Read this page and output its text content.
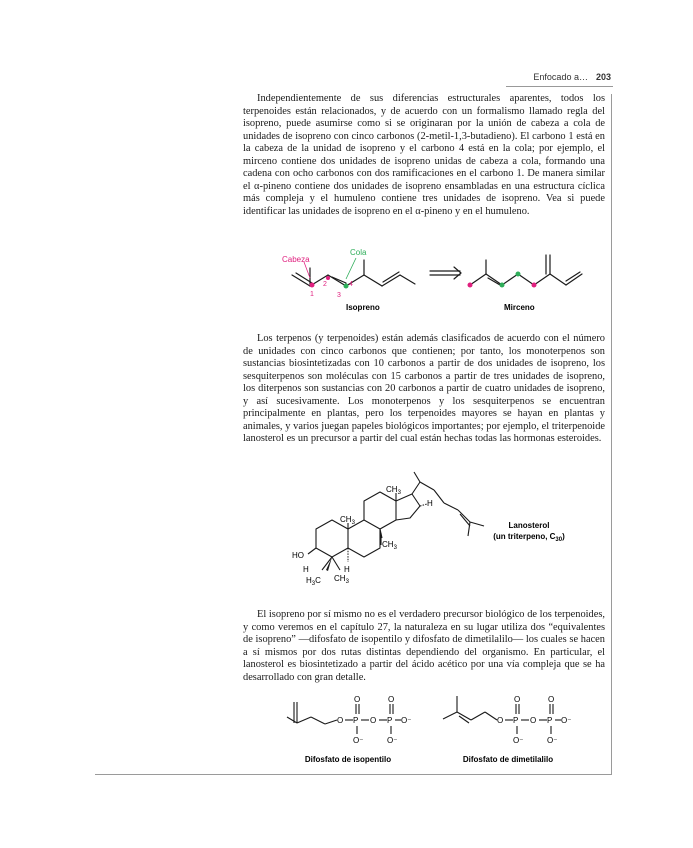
Enfocado a… 203

Independientemente de sus diferencias estructurales aparentes, todos los terpenoides están relacionados, y de acuerdo con un formalismo llamado regla del isopreno, puede asumirse como si se originaran por la unión de cabeza a cola de unidades de isopreno con cinco carbonos (2-metil-1,3-butadieno). El carbono 1 está en la cabeza de la unidad de isopreno y el carbono 4 está en la cola; por ejemplo, el mirceno contiene dos unidades de isopreno unidas de cabeza a cola, formando una cadena con ocho carbonos con dos ramificaciones en el carbono 1. De manera similar el α-pineno contiene dos unidades de isopreno ensambladas en una estructura cíclica más compleja y el humuleno contiene tres unidades de isopreno. Vea si puede identificar las unidades de isopreno en el α-pineno y en el humuleno.

Cabeza
Cola
1
2
3
4
Isopreno	Mirceno

Los terpenos (y terpenoides) están además clasificados de acuerdo con el número de unidades con cinco carbonos que contienen; por tanto, los monoterpenos son sustancias biosintetizadas con 10 carbonos a partir de dos unidades de isopreno, los sesquiterpenos son moléculas con 15 carbonos a partir de tres unidades de isopreno, los diterpenos son sustancias con 20 carbonos a partir de cuatro unidades de isopreno, y así sucesivamente. Los monoterpenos y los sesquiterpenos se encuentran principalmente en plantas, pero los terpenoides mayores se hayan en plantas y animales, y varios juegan papeles biológicos importantes; por ejemplo, el triterpenoide lanosterol es un precursor a partir del cual están hechas todas las hormonas esteroides.

HO
H	H
H
$H_3C$ $CH_3$
$CH_3$
$CH_3$
$CH_3$
Lanosterol
(un triterpeno, $C_{30}$)

El isopreno por sí mismo no es el verdadero precursor biológico de los terpenoides, y como veremos en el capítulo 27, la naturaleza en su lugar utiliza dos “equivalentes de isopreno” —difosfato de isopentilo y difosfato de dimetilalilo— los cuales se hacen a sí mismos por dos rutas distintas dependiendo del organismo. En particular, el lanosterol es biosintetizado a partir del ácido acético por una vía compleja que se ha desarrollado con gran detalle.

O P O P O⁻
O	O
O⁻	O⁻
O P O P O⁻
O	O
O⁻	O⁻
Difosfato de isopentilo	Difosfato de dimetilalilo
